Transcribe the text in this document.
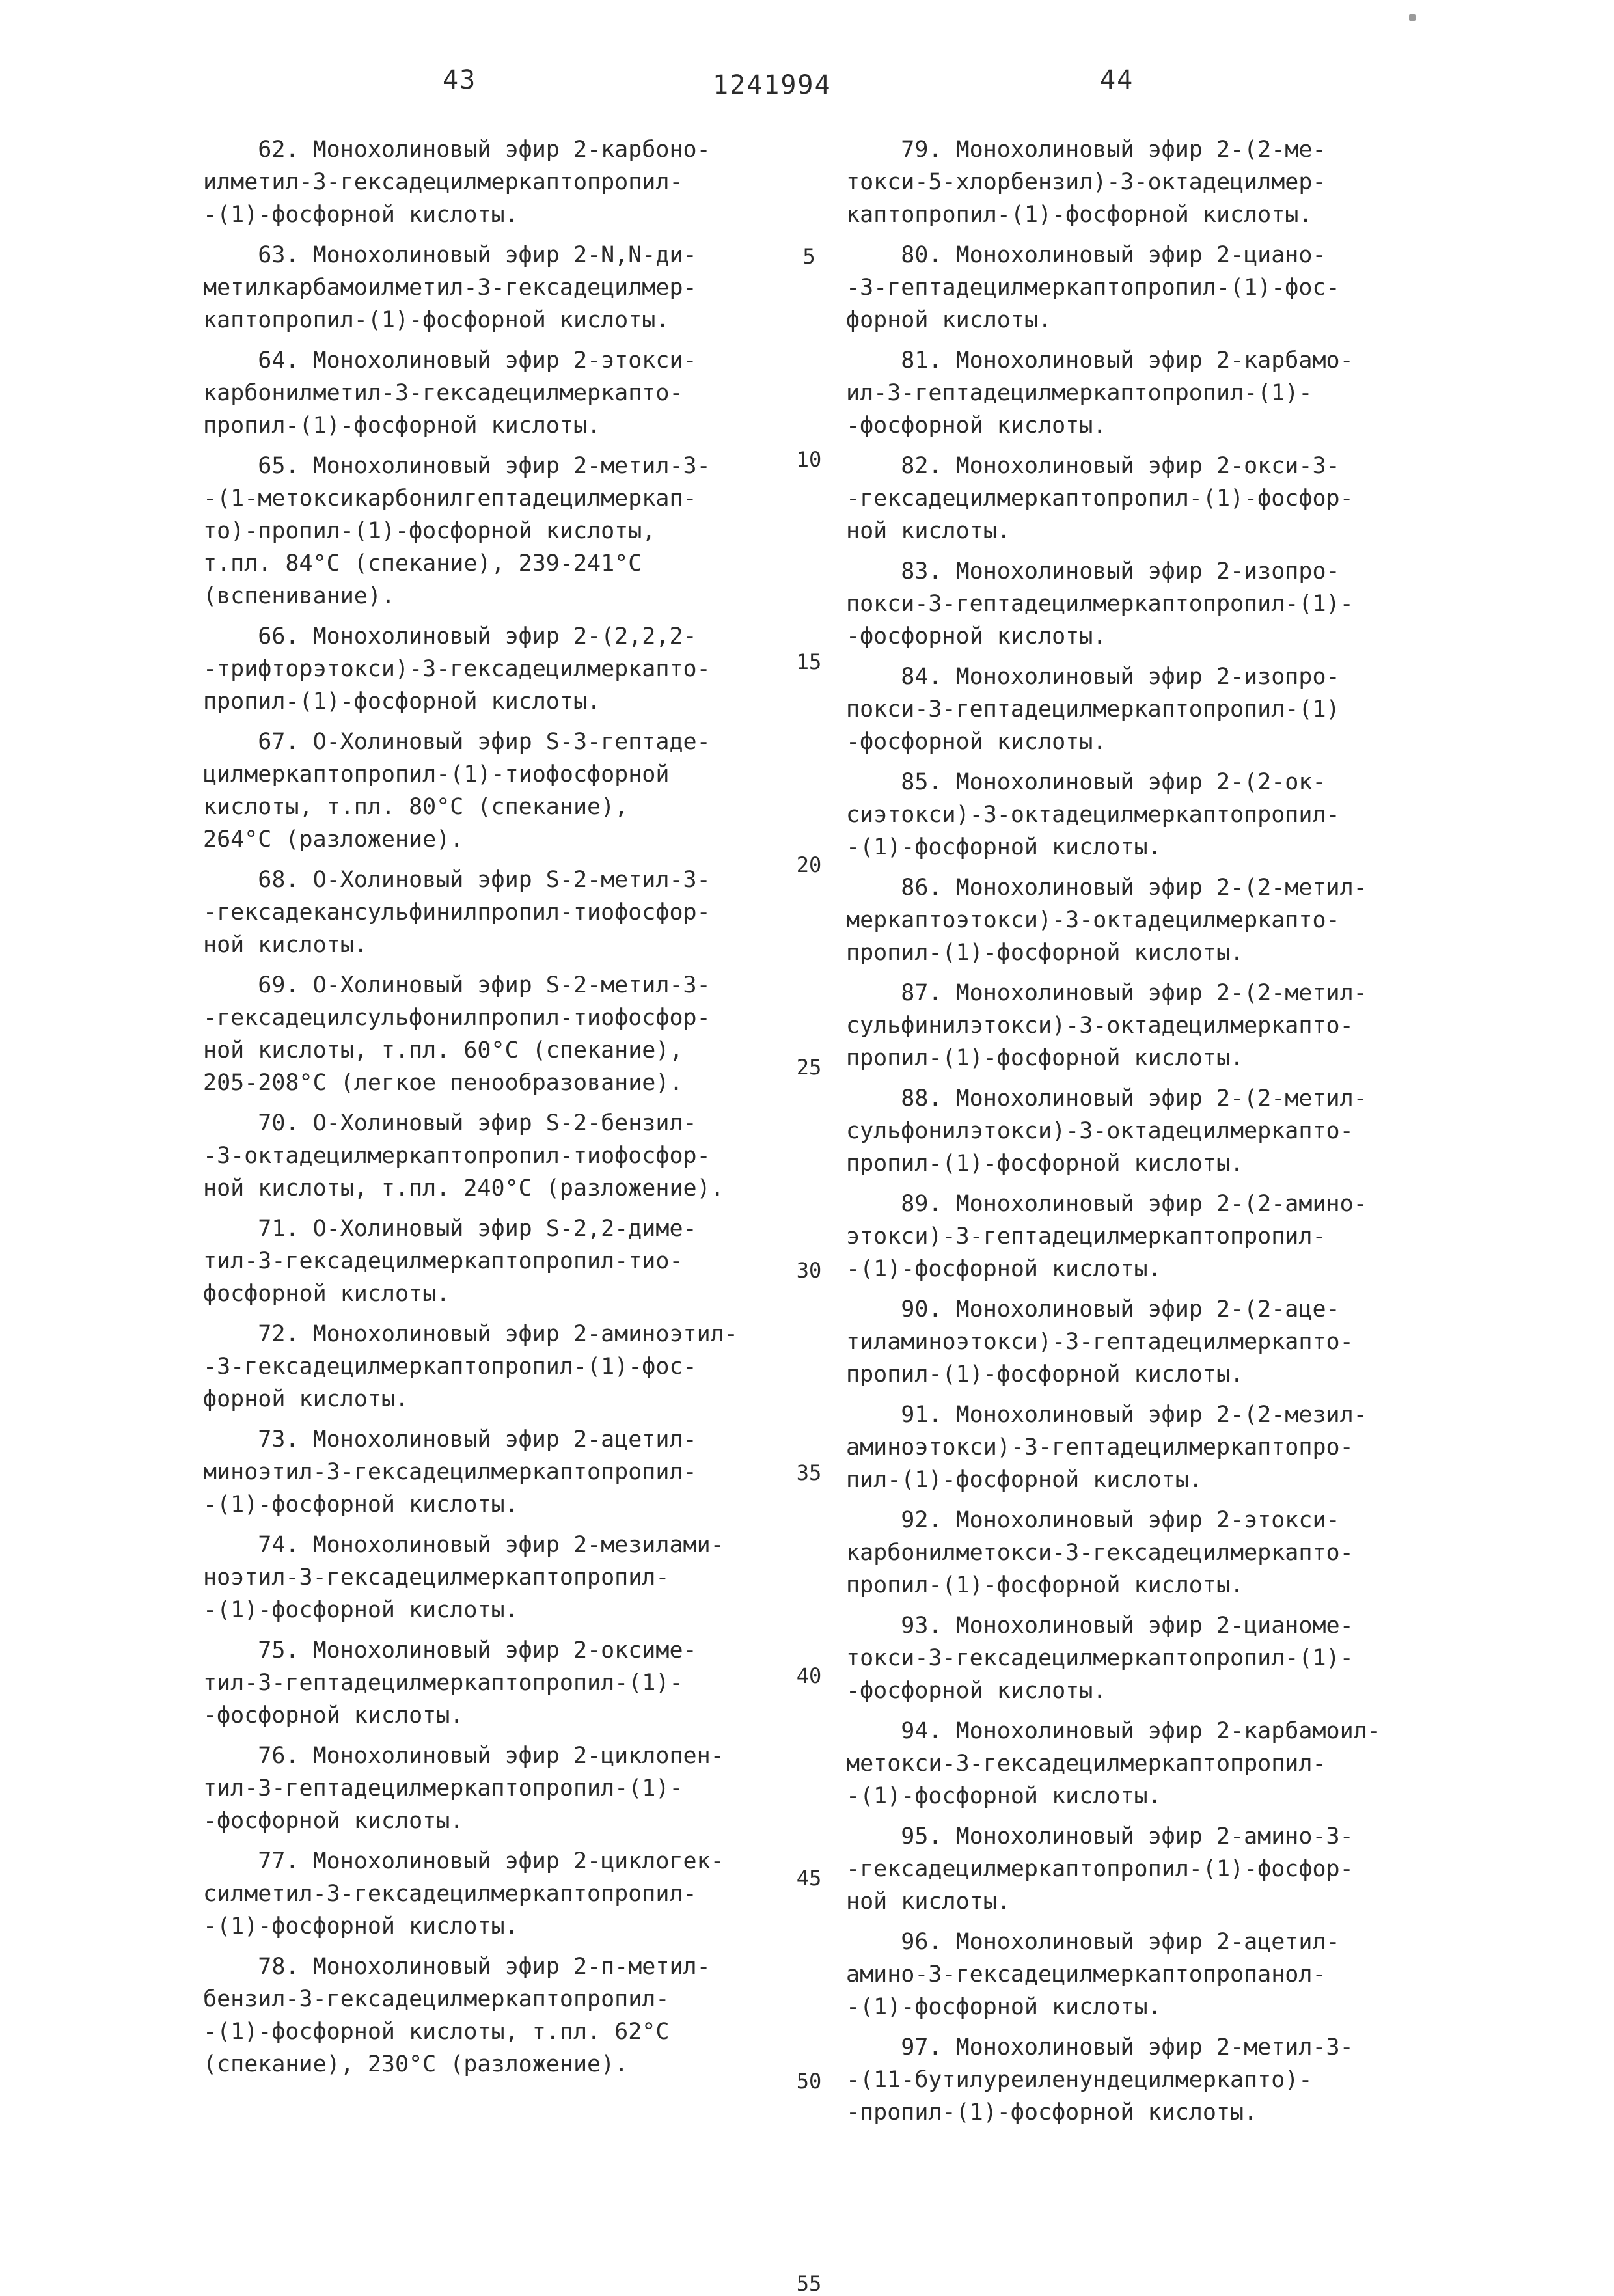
43	1241994	44
62. Монохолиновый эфир 2-карбоно-
илметил-3-гексадецилмеркаптопропил-
-(1)-фосфорной кислоты.
63. Монохолиновый эфир 2-N,N-ди-
метилкарбамоилметил-3-гексадецилмер-
каптопропил-(1)-фосфорной кислоты.
64. Монохолиновый эфир 2-этокси-
карбонилметил-3-гексадецилмеркапто-
пропил-(1)-фосфорной кислоты.
65. Монохолиновый эфир 2-метил-3-
-(1-метоксикарбонилгептадецилмеркап-
то)-пропил-(1)-фосфорной кислоты,
т.пл. 84°С (спекание), 239-241°С
(вспенивание).
66. Монохолиновый эфир 2-(2,2,2-
-трифторэтокси)-3-гексадецилмеркапто-
пропил-(1)-фосфорной кислоты.
67. О-Холиновый эфир S-3-гептаде-
цилмеркаптопропил-(1)-тиофосфорной
кислоты, т.пл. 80°С (спекание),
264°С (разложение).
68. О-Холиновый эфир S-2-метил-3-
-гексадекансульфинилпропил-тиофосфор-
ной кислоты.
69. О-Холиновый эфир S-2-метил-3-
-гексадецилсульфонилпропил-тиофосфор-
ной кислоты, т.пл. 60°С (спекание),
205-208°С (легкое пенообразование).
70. О-Холиновый эфир S-2-бензил-
-3-октадецилмеркаптопропил-тиофосфор-
ной кислоты, т.пл. 240°С (разложение).
71. О-Холиновый эфир S-2,2-диме-
тил-3-гексадецилмеркаптопропил-тио-
фосфорной кислоты.
72. Монохолиновый эфир 2-аминоэтил-
-3-гексадецилмеркаптопропил-(1)-фос-
форной кислоты.
73. Монохолиновый эфир 2-ацетил-
миноэтил-3-гексадецилмеркаптопропил-
-(1)-фосфорной кислоты.
74. Монохолиновый эфир 2-мезилами-
ноэтил-3-гексадецилмеркаптопропил-
-(1)-фосфорной кислоты.
75. Монохолиновый эфир 2-оксиме-
тил-3-гептадецилмеркаптопропил-(1)-
-фосфорной кислоты.
76. Монохолиновый эфир 2-циклопен-
тил-3-гептадецилмеркаптопропил-(1)-
-фосфорной кислоты.
77. Монохолиновый эфир 2-циклогек-
силметил-3-гексадецилмеркаптопропил-
-(1)-фосфорной кислоты.
78. Монохолиновый эфир 2-п-метил-
бензил-3-гексадецилмеркаптопропил-
-(1)-фосфорной кислоты, т.пл. 62°С
(спекание), 230°С (разложение).
79. Монохолиновый эфир 2-(2-ме-
токси-5-хлорбензил)-3-октадецилмер-
каптопропил-(1)-фосфорной кислоты.
80. Монохолиновый эфир 2-циано-
-3-гептадецилмеркаптопропил-(1)-фос-
форной кислоты.
81. Монохолиновый эфир 2-карбамо-
ил-3-гептадецилмеркаптопропил-(1)-
-фосфорной кислоты.
82. Монохолиновый эфир 2-окси-3-
-гексадецилмеркаптопропил-(1)-фосфор-
ной кислоты.
83. Монохолиновый эфир 2-изопро-
покси-3-гептадецилмеркаптопропил-(1)-
-фосфорной кислоты.
84. Монохолиновый эфир 2-изопро-
покси-3-гептадецилмеркаптопропил-(1)
-фосфорной кислоты.
85. Монохолиновый эфир 2-(2-ок-
сиэтокси)-3-октадецилмеркаптопропил-
-(1)-фосфорной кислоты.
86. Монохолиновый эфир 2-(2-метил-
меркаптоэтокси)-3-октадецилмеркапто-
пропил-(1)-фосфорной кислоты.
87. Монохолиновый эфир 2-(2-метил-
сульфинилэтокси)-3-октадецилмеркапто-
пропил-(1)-фосфорной кислоты.
88. Монохолиновый эфир 2-(2-метил-
сульфонилэтокси)-3-октадецилмеркапто-
пропил-(1)-фосфорной кислоты.
89. Монохолиновый эфир 2-(2-амино-
этокси)-3-гептадецилмеркаптопропил-
-(1)-фосфорной кислоты.
90. Монохолиновый эфир 2-(2-аце-
тиламиноэтокси)-3-гептадецилмеркапто-
пропил-(1)-фосфорной кислоты.
91. Монохолиновый эфир 2-(2-мезил-
аминоэтокси)-3-гептадецилмеркаптопро-
пил-(1)-фосфорной кислоты.
92. Монохолиновый эфир 2-этокси-
карбонилметокси-3-гексадецилмеркапто-
пропил-(1)-фосфорной кислоты.
93. Монохолиновый эфир 2-цианоме-
токси-3-гексадецилмеркаптопропил-(1)-
-фосфорной кислоты.
94. Монохолиновый эфир 2-карбамоил-
метокси-3-гексадецилмеркаптопропил-
-(1)-фосфорной кислоты.
95. Монохолиновый эфир 2-амино-3-
-гексадецилмеркаптопропил-(1)-фосфор-
ной кислоты.
96. Монохолиновый эфир 2-ацетил-
амино-3-гексадецилмеркаптопропанол-
-(1)-фосфорной кислоты.
97. Монохолиновый эфир 2-метил-3-
-(11-бутилуреиленундецилмеркапто)-
-пропил-(1)-фосфорной кислоты.
5
10
15
20
25
30
35
40
45
50
55
